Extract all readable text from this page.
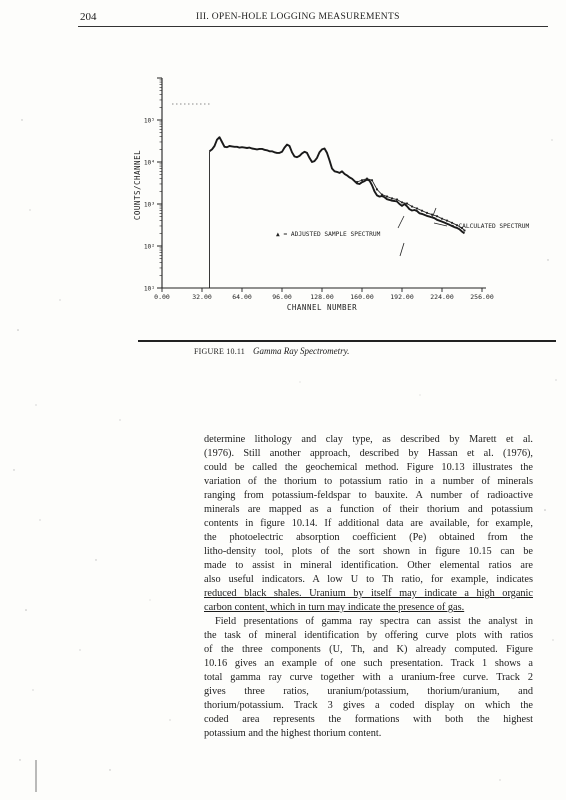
204	III. OPEN-HOLE LOGGING MEASUREMENTS
0.00	32.00	64.00	96.00	128.00	160.00	192.00	224.00	256.00
10¹
10²
10³
10⁴
10⁵
COUNTS/CHANNEL
CHANNEL NUMBER
▲ = ADJUSTED SAMPLE SPECTRUM
• CALCULATED SPECTRUM
FIGURE 10.11 Gamma Ray Spectrometry.
determine lithology and clay type, as described by Marett et al.
(1976). Still another approach, described by Hassan et al. (1976),
could be called the geochemical method. Figure 10.13 illustrates the
variation of the thorium to potassium ratio in a number of minerals
ranging from potassium-feldspar to bauxite. A number of radioactive
minerals are mapped as a function of their thorium and potassium
contents in figure 10.14. If additional data are available, for example,
the photoelectric absorption coefficient (Pe) obtained from the
litho-density tool, plots of the sort shown in figure 10.15 can be
made to assist in mineral identification. Other elemental ratios are
also useful indicators. A low U to Th ratio, for example, indicates
reduced black shales. Uranium by itself may indicate a high organic
carbon content, which in turn may indicate the presence of gas.
Field presentations of gamma ray spectra can assist the analyst in
the task of mineral identification by offering curve plots with ratios
of the three components (U, Th, and K) already computed. Figure
10.16 gives an example of one such presentation. Track 1 shows a
total gamma ray curve together with a uranium-free curve. Track 2
gives three ratios, uranium/potassium, thorium/uranium, and
thorium/potassium. Track 3 gives a coded display on which the
coded area represents the formations with both the highest
potassium and the highest thorium content.
